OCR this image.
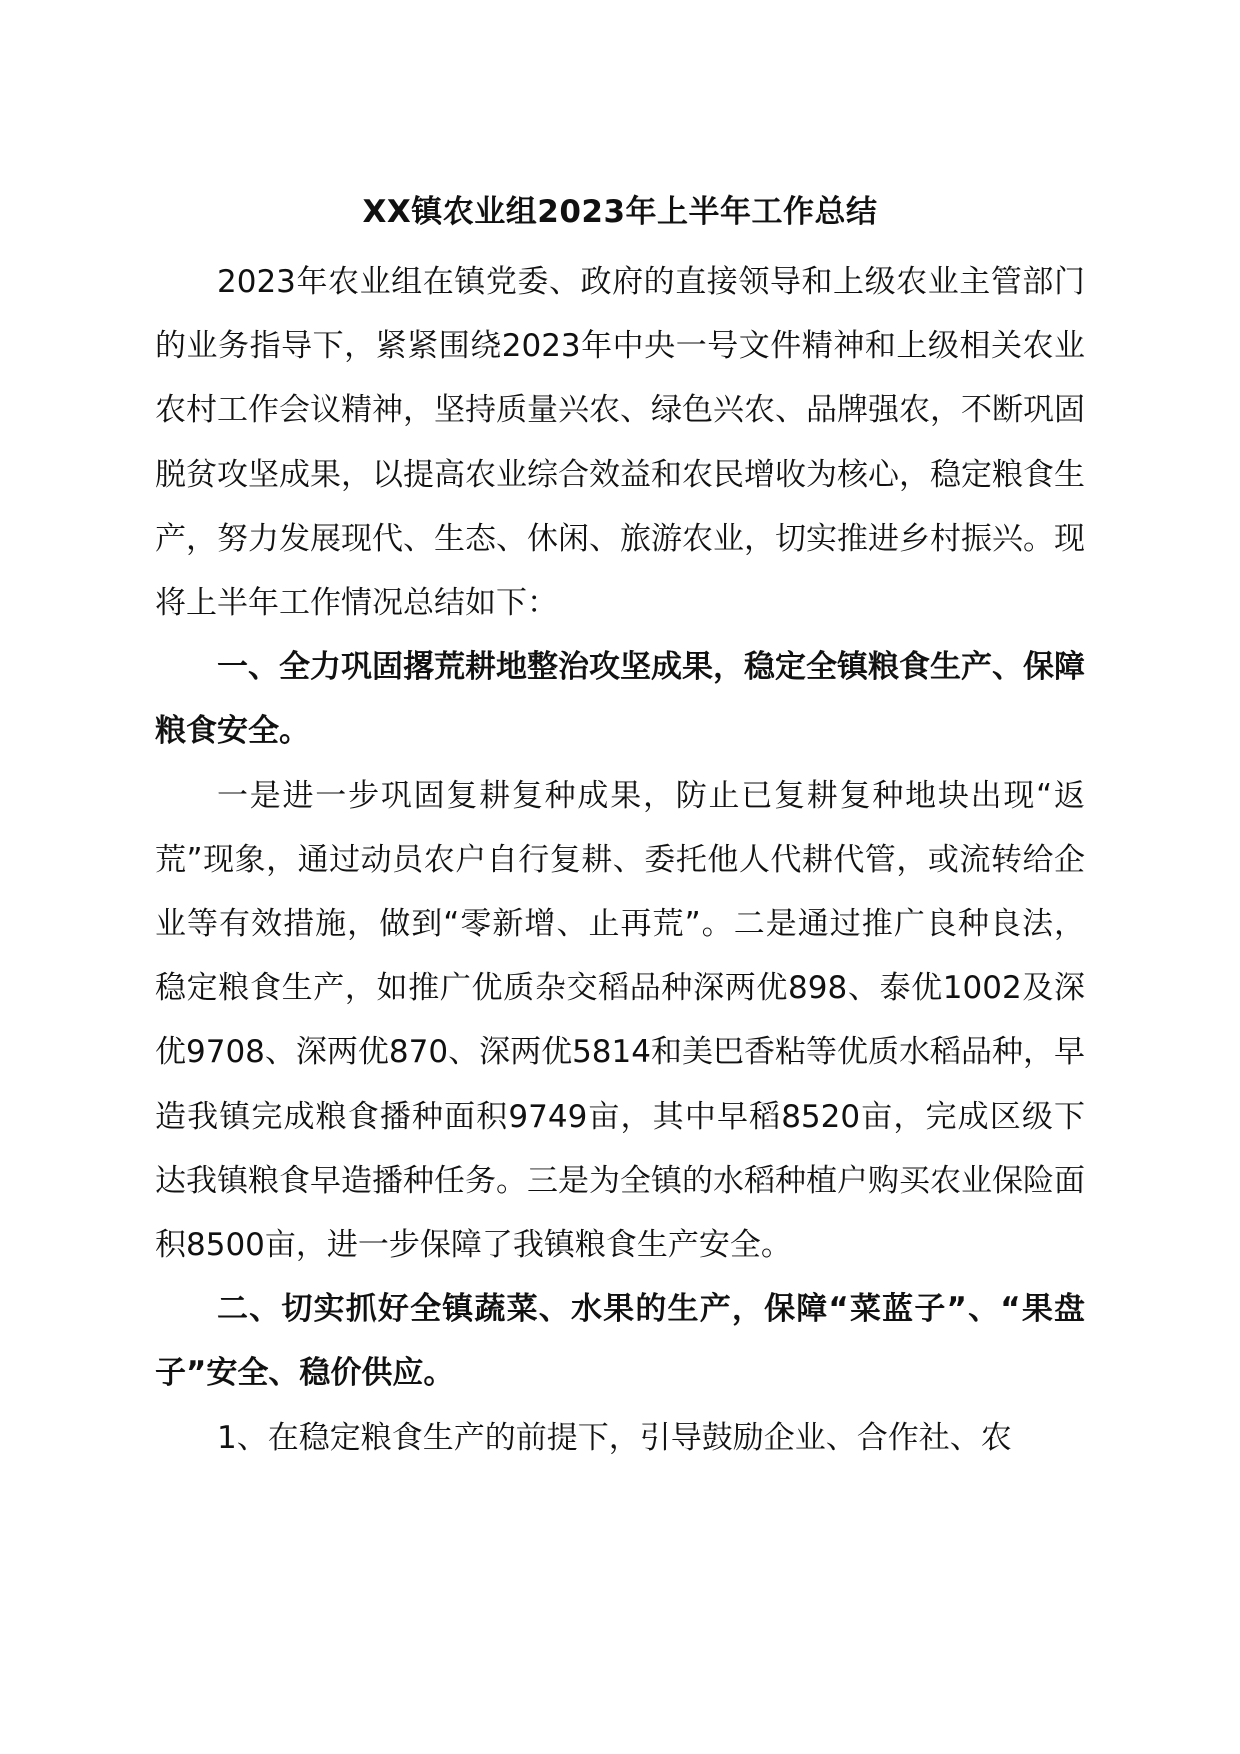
XX镇农业组2023年上半年工作总结

2023年农业组在镇党委、政府的直接领导和上级农业主管部门的业务指导下，紧紧围绕2023年中央一号文件精神和上级相关农业农村工作会议精神，坚持质量兴农、绿色兴农、品牌强农，不断巩固脱贫攻坚成果，以提高农业综合效益和农民增收为核心，稳定粮食生产，努力发展现代、生态、休闲、旅游农业，切实推进乡村振兴。现将上半年工作情况总结如下：

一、全力巩固撂荒耕地整治攻坚成果，稳定全镇粮食生产、保障粮食安全。

一是进一步巩固复耕复种成果，防止已复耕复种地块出现“返荒”现象，通过动员农户自行复耕、委托他人代耕代管，或流转给企业等有效措施，做到“零新增、止再荒”。二是通过推广良种良法，稳定粮食生产，如推广优质杂交稻品种深两优898、泰优1002及深优9708、深两优870、深两优5814和美巴香粘等优质水稻品种，早造我镇完成粮食播种面积9749亩，其中早稻8520亩，完成区级下达我镇粮食早造播种任务。三是为全镇的水稻种植户购买农业保险面积8500亩，进一步保障了我镇粮食生产安全。

二、切实抓好全镇蔬菜、水果的生产，保障“菜蓝子”、“果盘子”安全、稳价供应。

1、在稳定粮食生产的前提下，引导鼓励企业、合作社、农
